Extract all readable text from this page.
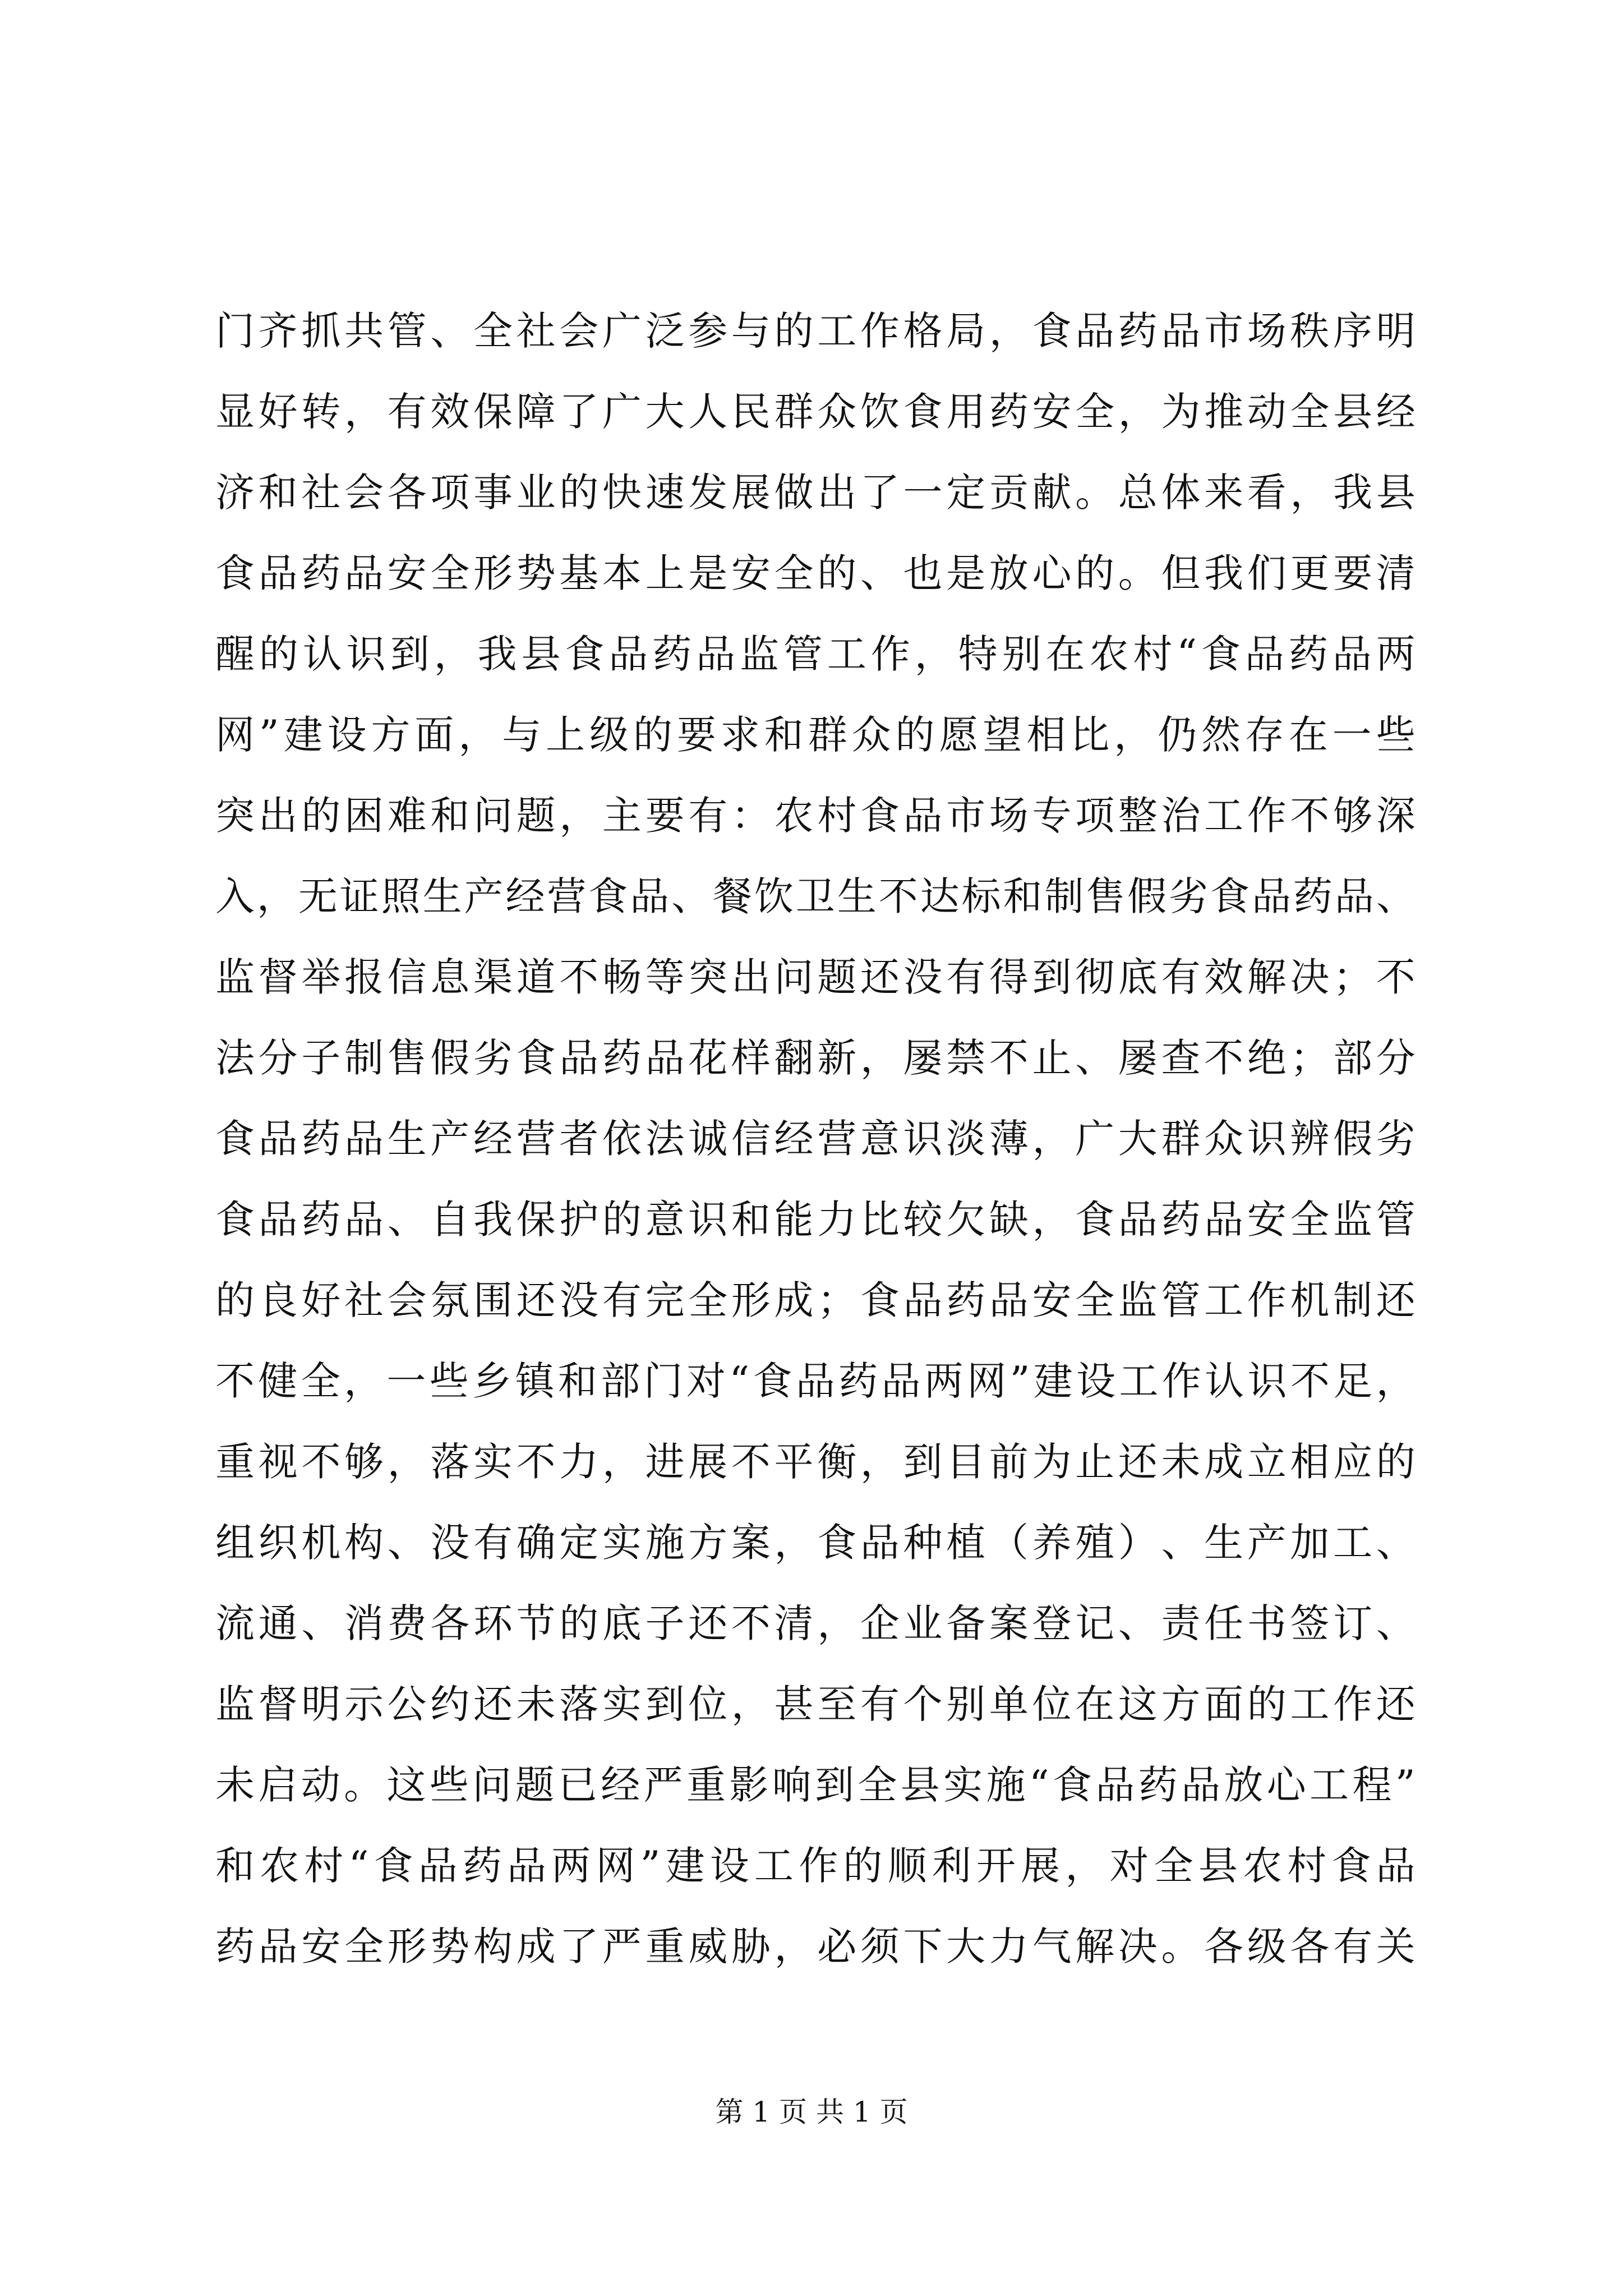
门 齐 抓 共 管 、 全 社 会 广 泛 参 与 的 工 作 格 局 ， 食 品 药 品 市 场 秩 序 明
显 好 转 ， 有 效 保 障 了 广 大 人 民 群 众 饮 食 用 药 安 全 ， 为 推 动 全 县 经
济 和 社 会 各 项 事 业 的 快 速 发 展 做 出 了 一 定 贡 献 。 总 体 来 看 ， 我 县
食 品 药 品 安 全 形 势 基 本 上 是 安 全 的 、 也 是 放 心 的 。 但 我 们 更 要 清
醒 的 认 识 到 ， 我 县 食 品 药 品 监 管 工 作 ， 特 别 在 农 村 “ 食 品 药 品 两
网 ” 建 设 方 面 ， 与 上 级 的 要 求 和 群 众 的 愿 望 相 比 ， 仍 然 存 在 一 些
突 出 的 困 难 和 问 题 ， 主 要 有 ： 农 村 食 品 市 场 专 项 整 治 工 作 不 够 深
入 ， 无 证 照 生 产 经 营 食 品 、 餐 饮 卫 生 不 达 标 和 制 售 假 劣 食 品 药 品 、
监 督 举 报 信 息 渠 道 不 畅 等 突 出 问 题 还 没 有 得 到 彻 底 有 效 解 决 ； 不
法 分 子 制 售 假 劣 食 品 药 品 花 样 翻 新 ， 屡 禁 不 止 、 屡 查 不 绝 ； 部 分
食 品 药 品 生 产 经 营 者 依 法 诚 信 经 营 意 识 淡 薄 ， 广 大 群 众 识 辨 假 劣
食 品 药 品 、 自 我 保 护 的 意 识 和 能 力 比 较 欠 缺 ， 食 品 药 品 安 全 监 管
的 良 好 社 会 氛 围 还 没 有 完 全 形 成 ； 食 品 药 品 安 全 监 管 工 作 机 制 还
不 健 全 ， 一 些 乡 镇 和 部 门 对 “ 食 品 药 品 两 网 ” 建 设 工 作 认 识 不 足 ，
重 视 不 够 ， 落 实 不 力 ， 进 展 不 平 衡 ， 到 目 前 为 止 还 未 成 立 相 应 的
组 织 机 构 、 没 有 确 定 实 施 方 案 ， 食 品 种 植 （ 养 殖 ） 、 生 产 加 工 、
流 通 、 消 费 各 环 节 的 底 子 还 不 清 ， 企 业 备 案 登 记 、 责 任 书 签 订 、
监 督 明 示 公 约 还 未 落 实 到 位 ， 甚 至 有 个 别 单 位 在 这 方 面 的 工 作 还
未 启 动 。 这 些 问 题 已 经 严 重 影 响 到 全 县 实 施 “ 食 品 药 品 放 心 工 程 ”
和 农 村 “ 食 品 药 品 两 网 ” 建 设 工 作 的 顺 利 开 展 ， 对 全 县 农 村 食 品
药 品 安 全 形 势 构 成 了 严 重 威 胁 ， 必 须 下 大 力 气 解 决 。 各 级 各 有 关
第 1 页 共 1 页
